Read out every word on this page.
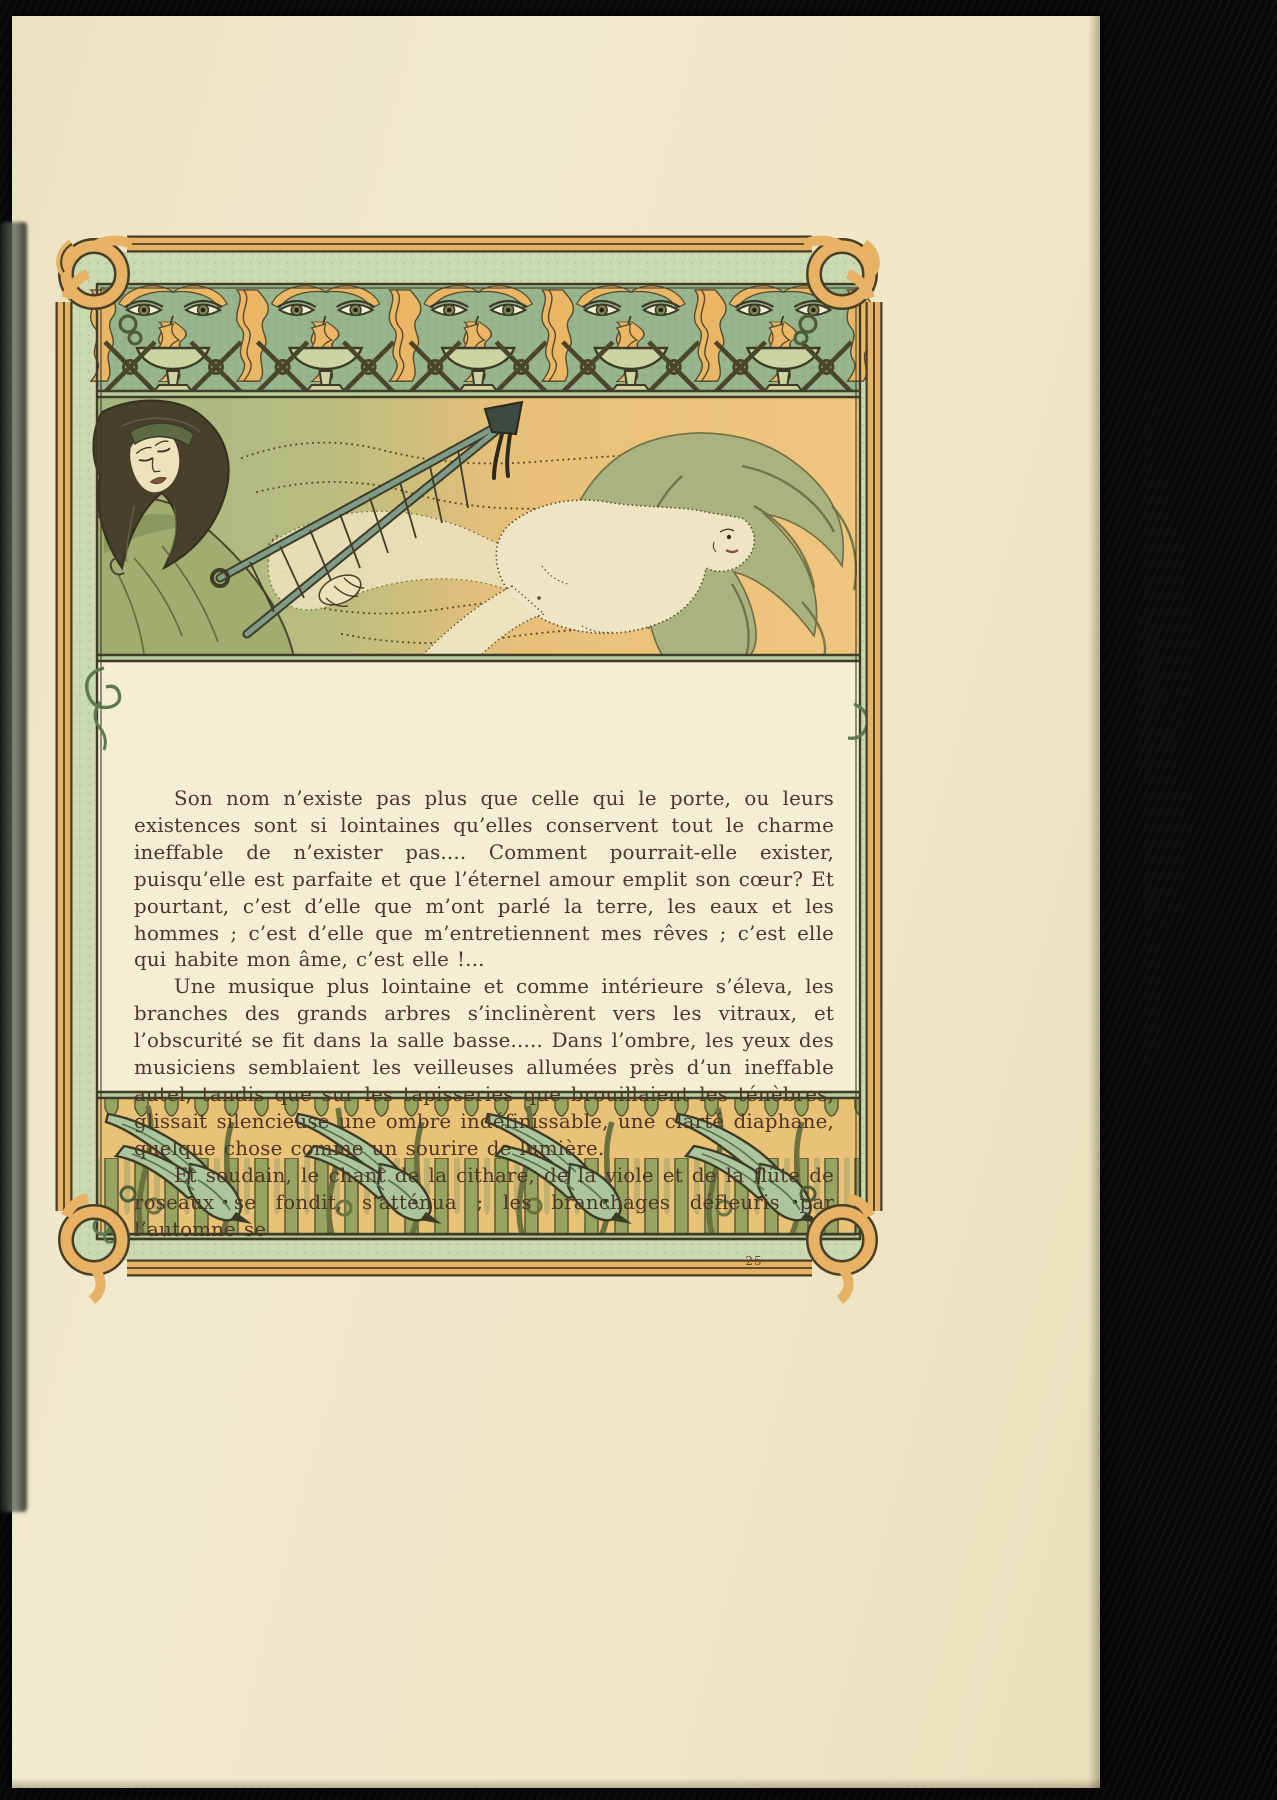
Son nom n’existe pas plus que celle qui le porte, ou leurs existences sont si lointaines qu’elles conservent tout le charme ineffable de n’exister pas.... Comment pourrait-elle exister, puisqu’elle est parfaite et que l’éternel amour emplit son cœur? Et pourtant, c’est d’elle que m’ont parlé la terre, les eaux et les hommes ; c’est d’elle que m’entretiennent mes rêves ; c’est elle qui habite mon âme, c’est elle !...

Une musique plus lointaine et comme intérieure s’éleva, les branches des grands arbres s’inclinèrent vers les vitraux, et l’obscurité se fit dans la salle basse..... Dans l’ombre, les yeux des musiciens semblaient les veilleuses allumées près d’un ineffable autel, tandis que sur les tapisseries que brouillaient les ténèbres, glissait silencieuse une ombre indéfinissable, une clarté diaphane, quelque chose comme un sourire de lumière.

Et soudain, le chant de la cithare, de la viole et de la flûte de roseaux se fondit, s’atténua ; les branchages défleuris par l’automne se

25
